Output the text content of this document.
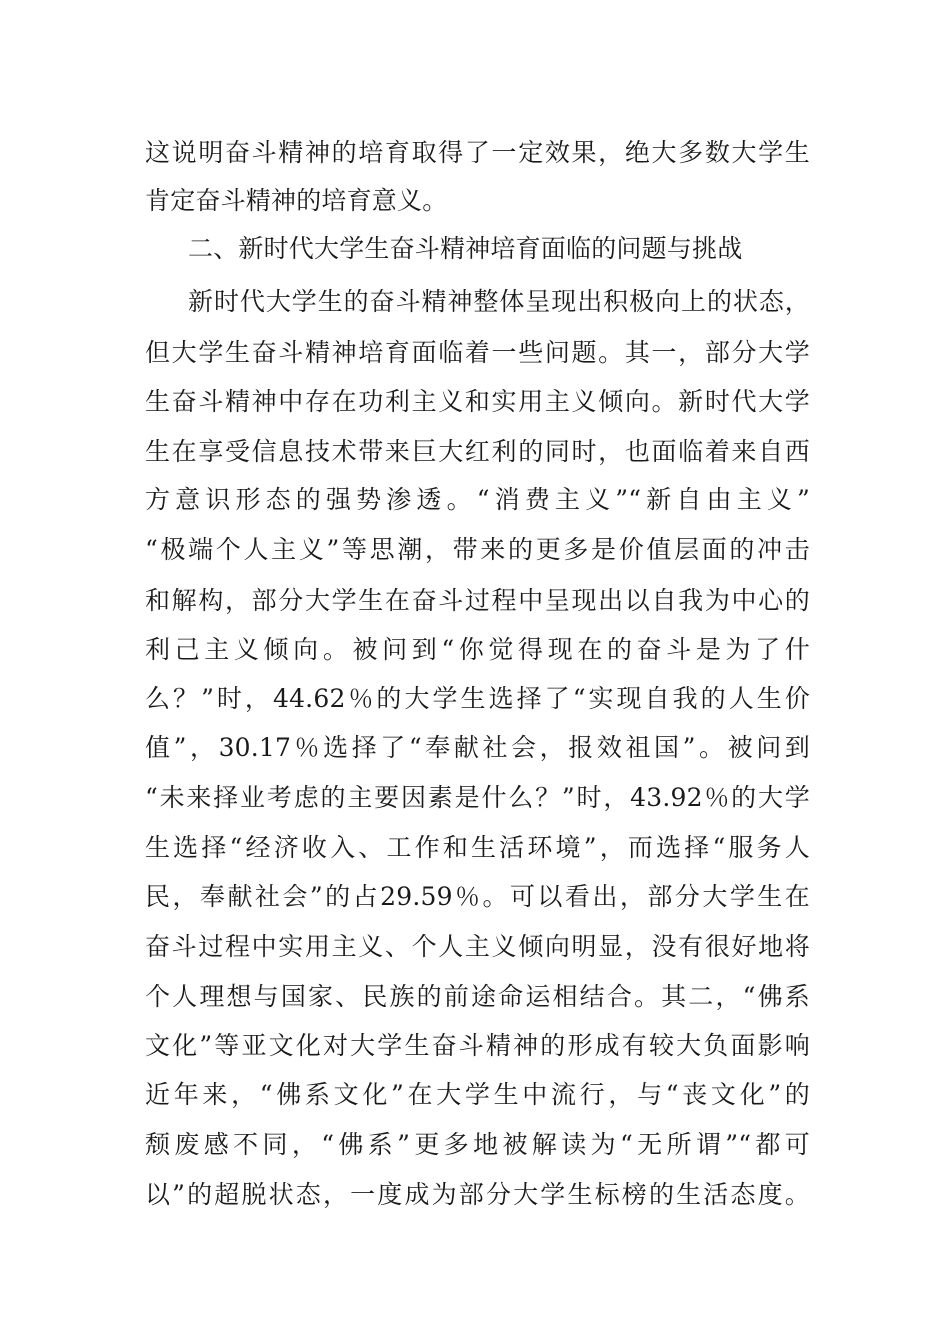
这说明奋斗精神的培育取得了一定效果，绝大多数大学生
肯定奋斗精神的培育意义。
二、新时代大学生奋斗精神培育面临的问题与挑战
新时代大学生的奋斗精神整体呈现出积极向上的状态，
但大学生奋斗精神培育面临着一些问题。其一，部分大学
生奋斗精神中存在功利主义和实用主义倾向。新时代大学
生在享受信息技术带来巨大红利的同时，也面临着来自西
方意识形态的强势渗透。“消费主义”“新自由主义”
“极端个人主义”等思潮，带来的更多是价值层面的冲击
和解构，部分大学生在奋斗过程中呈现出以自我为中心的
利己主义倾向。被问到“你觉得现在的奋斗是为了什
么？”时，44.62％的大学生选择了“实现自我的人生价
值”，30.17％选择了“奉献社会，报效祖国”。被问到
“未来择业考虑的主要因素是什么？”时，43.92％的大学
生选择“经济收入、工作和生活环境”，而选择“服务人
民，奉献社会”的占29.59％。可以看出，部分大学生在
奋斗过程中实用主义、个人主义倾向明显，没有很好地将
个人理想与国家、民族的前途命运相结合。其二，“佛系
文化”等亚文化对大学生奋斗精神的形成有较大负面影响
近年来，“佛系文化”在大学生中流行，与“丧文化”的
颓废感不同，“佛系”更多地被解读为“无所谓”“都可
以”的超脱状态，一度成为部分大学生标榜的生活态度。
